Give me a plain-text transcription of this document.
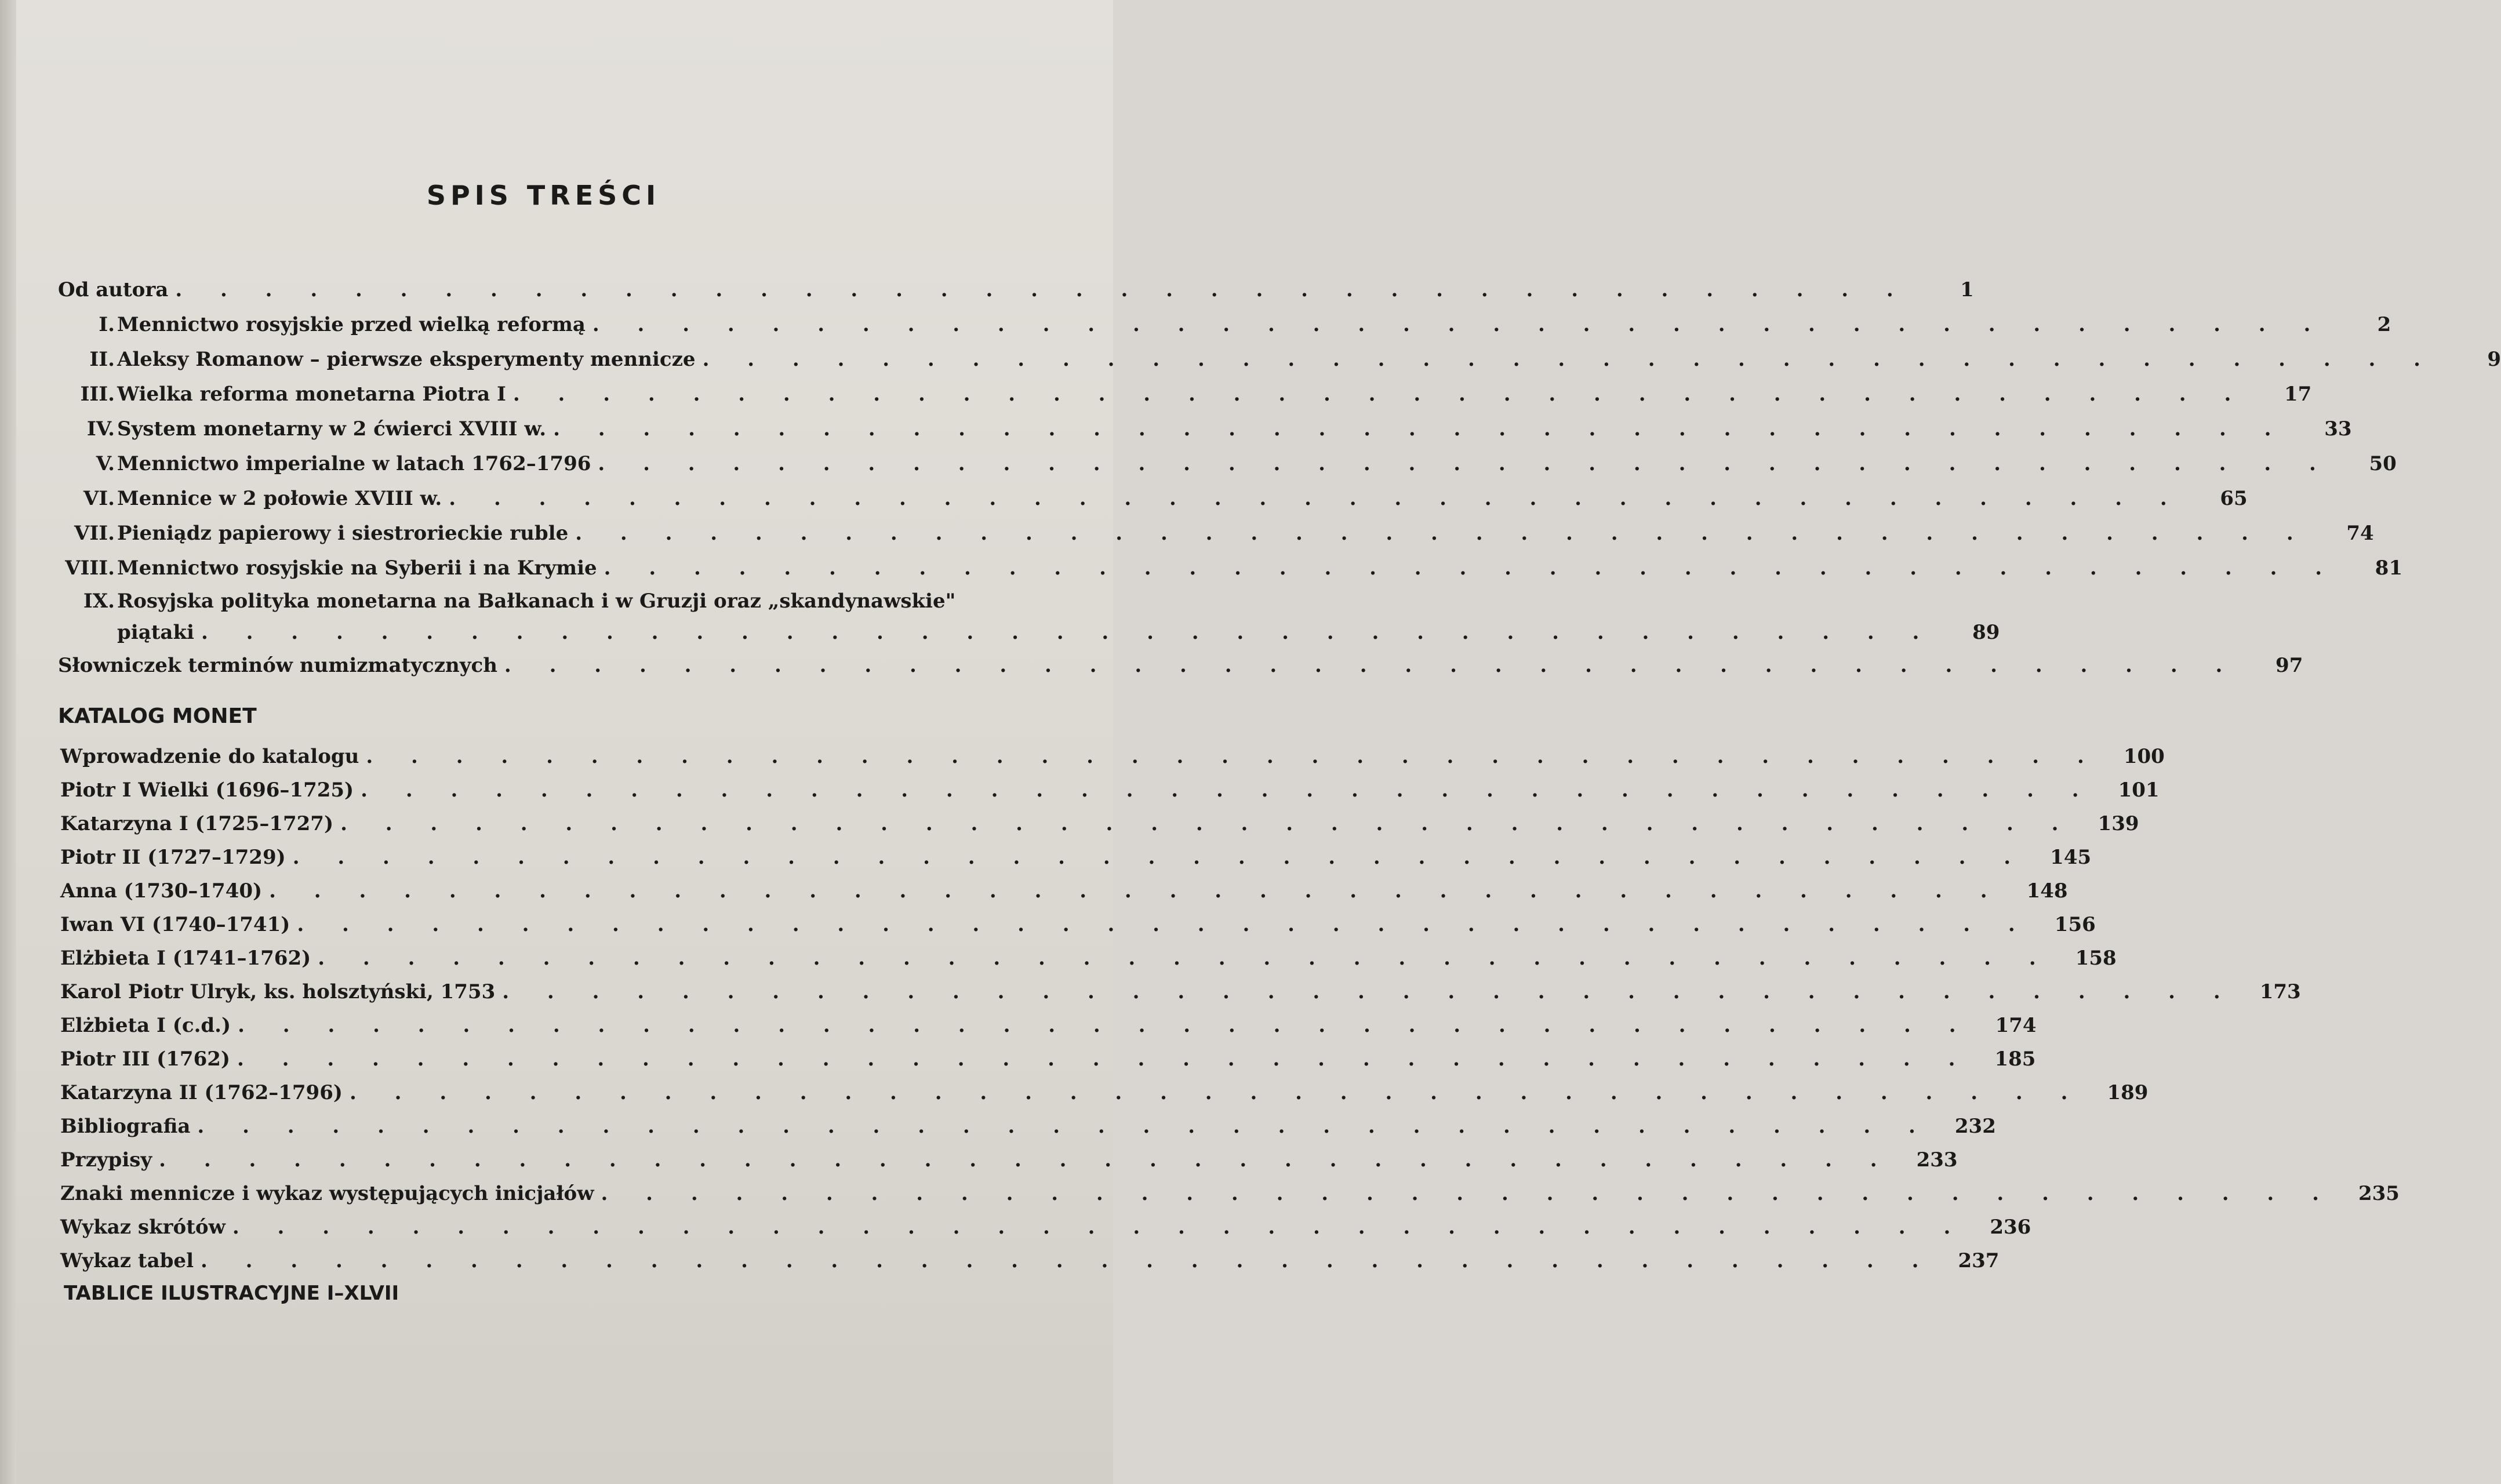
SPIS TREŚCI
Od autora . . . . . . . . . . . . . . . . . . . . . . . . . . . . . . . . . . . . . . .	1
I. Mennictwo rosyjskie przed wielką reformą . . . . . . . . . . . . . . . . . . . . . . . . . . . . . . . . . . . . . . .	2
II. Aleksy Romanow – pierwsze eksperymenty mennicze . . . . . . . . . . . . . . . . . . . . . . . . . . . . . . . . . . . . . . .	9
III. Wielka reforma monetarna Piotra I . . . . . . . . . . . . . . . . . . . . . . . . . . . . . . . . . . . . . . .	17
IV. System monetarny w 2 ćwierci XVIII w. . . . . . . . . . . . . . . . . . . . . . . . . . . . . . . . . . . . . . . .	33
V. Mennictwo imperialne w latach 1762–1796 . . . . . . . . . . . . . . . . . . . . . . . . . . . . . . . . . . . . . . .	50
VI. Mennice w 2 połowie XVIII w. . . . . . . . . . . . . . . . . . . . . . . . . . . . . . . . . . . . . . . .	65
VII. Pieniądz papierowy i siestrorieckie ruble . . . . . . . . . . . . . . . . . . . . . . . . . . . . . . . . . . . . . . .	74
VIII. Mennictwo rosyjskie na Syberii i na Krymie . . . . . . . . . . . . . . . . . . . . . . . . . . . . . . . . . . . . . . .	81
IX. Rosyjska polityka monetarna na Bałkanach i w Gruzji oraz „skandynawskie"
piątaki . . . . . . . . . . . . . . . . . . . . . . . . . . . . . . . . . . . . . . .	89
Słowniczek terminów numizmatycznych . . . . . . . . . . . . . . . . . . . . . . . . . . . . . . . . . . . . . . .	97
KATALOG MONET
Wprowadzenie do katalogu . . . . . . . . . . . . . . . . . . . . . . . . . . . . . . . . . . . . . . .	100
Piotr I Wielki (1696–1725) . . . . . . . . . . . . . . . . . . . . . . . . . . . . . . . . . . . . . . .	101
Katarzyna I (1725–1727) . . . . . . . . . . . . . . . . . . . . . . . . . . . . . . . . . . . . . . .	139
Piotr II (1727–1729) . . . . . . . . . . . . . . . . . . . . . . . . . . . . . . . . . . . . . . .	145
Anna (1730–1740) . . . . . . . . . . . . . . . . . . . . . . . . . . . . . . . . . . . . . . .	148
Iwan VI (1740–1741) . . . . . . . . . . . . . . . . . . . . . . . . . . . . . . . . . . . . . . .	156
Elżbieta I (1741–1762) . . . . . . . . . . . . . . . . . . . . . . . . . . . . . . . . . . . . . . .	158
Karol Piotr Ulryk, ks. holsztyński, 1753 . . . . . . . . . . . . . . . . . . . . . . . . . . . . . . . . . . . . . . .	173
Elżbieta I (c.d.) . . . . . . . . . . . . . . . . . . . . . . . . . . . . . . . . . . . . . . .	174
Piotr III (1762) . . . . . . . . . . . . . . . . . . . . . . . . . . . . . . . . . . . . . . .	185
Katarzyna II (1762–1796) . . . . . . . . . . . . . . . . . . . . . . . . . . . . . . . . . . . . . . .	189
Bibliografia . . . . . . . . . . . . . . . . . . . . . . . . . . . . . . . . . . . . . . .	232
Przypisy . . . . . . . . . . . . . . . . . . . . . . . . . . . . . . . . . . . . . . .	233
Znaki mennicze i wykaz występujących inicjałów . . . . . . . . . . . . . . . . . . . . . . . . . . . . . . . . . . . . . . .	235
Wykaz skrótów . . . . . . . . . . . . . . . . . . . . . . . . . . . . . . . . . . . . . . .	236
Wykaz tabel . . . . . . . . . . . . . . . . . . . . . . . . . . . . . . . . . . . . . . .	237
TABLICE ILUSTRACYJNE I–XLVII
